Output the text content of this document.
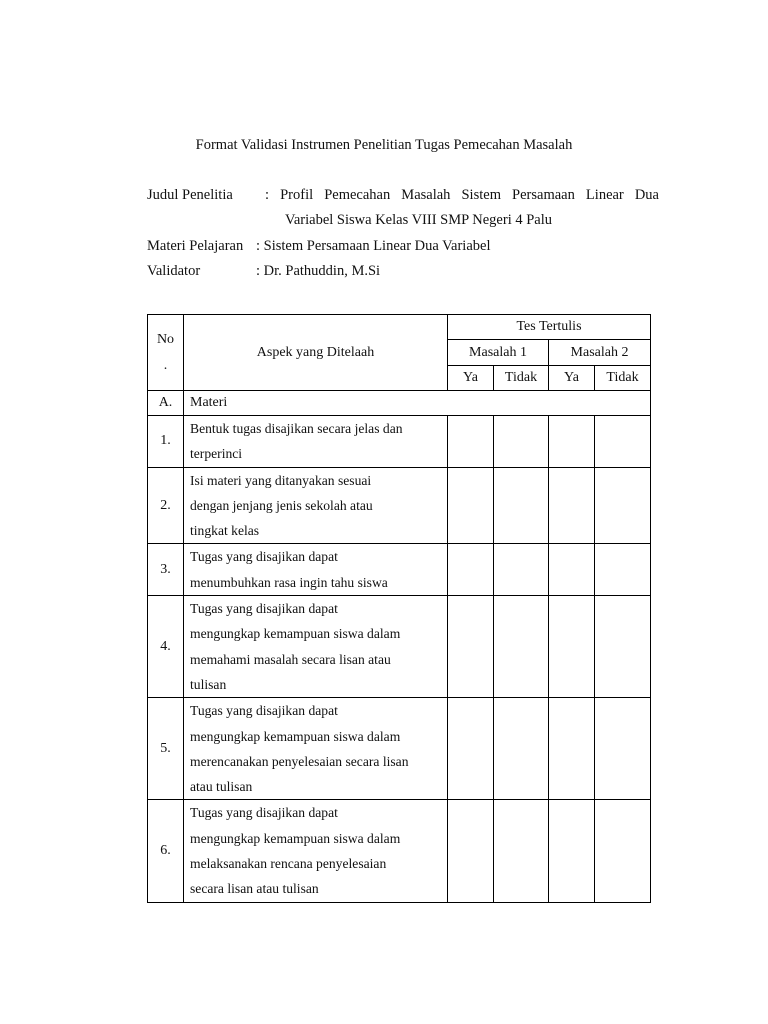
Format Validasi Instrumen Penelitian Tugas Pemecahan Masalah
Judul Penelitia : Profil Pemecahan Masalah Sistem Persamaan Linear Dua
Variabel Siswa Kelas VIII SMP Negeri 4 Palu
Materi Pelajaran : Sistem Persamaan Linear Dua Variabel
Validator	: Dr. Pathuddin, M.Si
No
.	Aspek yang Ditelaah	Tes Tertulis			
		Masalah 1		Masalah 2	
		Ya	Tidak	Ya	Tidak
A.	Materi				
1.	Bentuk tugas disajikan secara jelas dan
terperinci				

2.	Isi materi yang ditanyakan sesuai
dengan jenjang jenis sekolah atau
tingkat kelas				

3.	Tugas yang disajikan dapat
menumbuhkan rasa ingin tahu siswa				

4.	Tugas yang disajikan dapat
mengungkap kemampuan siswa dalam
memahami masalah secara lisan atau
tulisan				

5.	Tugas yang disajikan dapat
mengungkap kemampuan siswa dalam
merencanakan penyelesaian secara lisan
atau tulisan				

6.	Tugas yang disajikan dapat
mengungkap kemampuan siswa dalam
melaksanakan rencana penyelesaian
secara lisan atau tulisan				
